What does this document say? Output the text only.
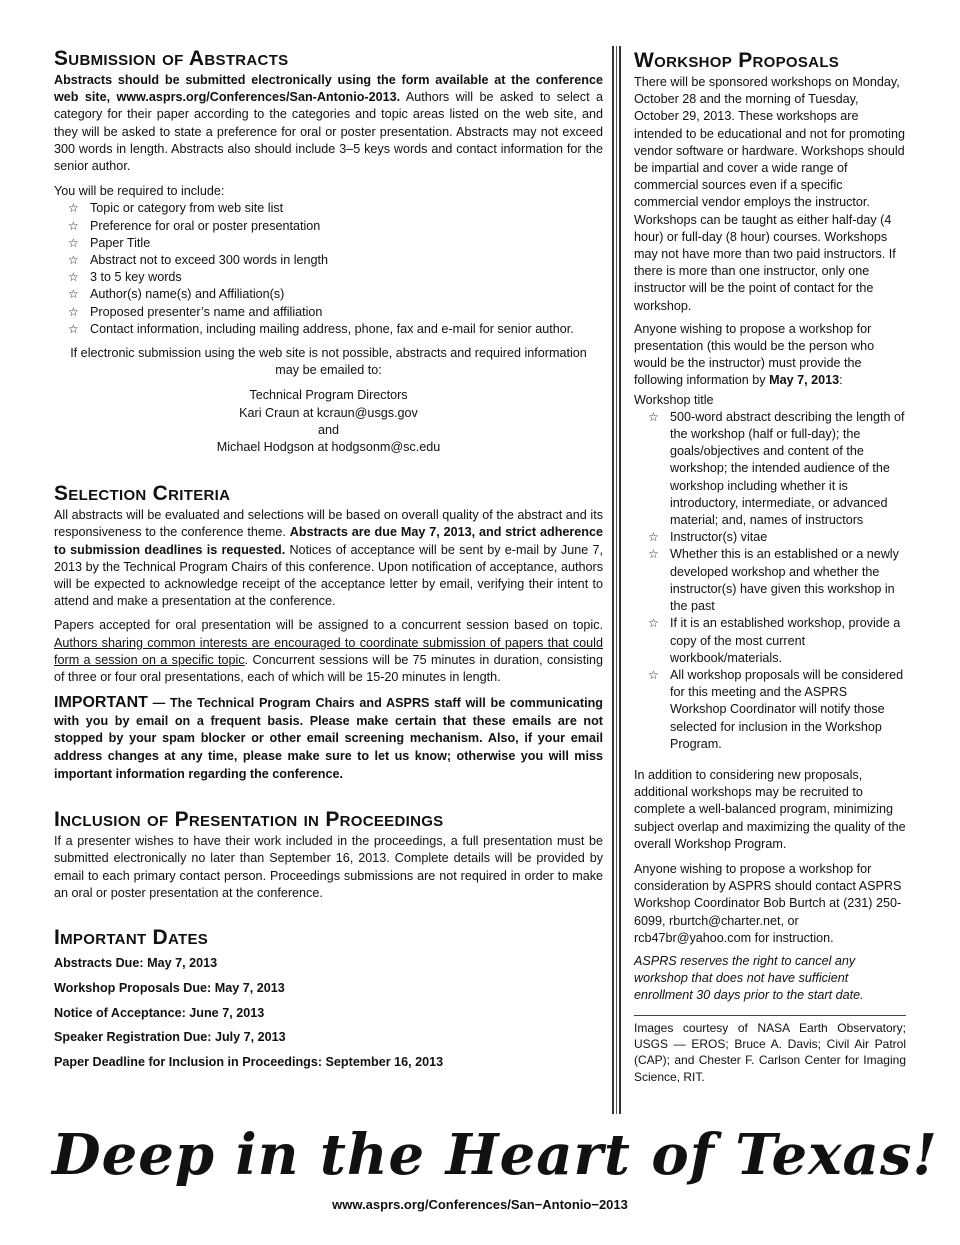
Submission of Abstracts

Abstracts should be submitted electronically using the form available at the conference web site, www.asprs.org/Conferences/San-Antonio-2013. Authors will be asked to select a category for their paper according to the categories and topic areas listed on the web site, and they will be asked to state a preference for oral or poster presentation. Abstracts may not exceed 300 words in length. Abstracts also should include 3–5 keys words and contact information for the senior author.

You will be required to include:

☆ Topic or category from web site list
☆ Preference for oral or poster presentation
☆ Paper Title
☆ Abstract not to exceed 300 words in length
☆ 3 to 5 key words
☆ Author(s) name(s) and Affiliation(s)
☆ Proposed presenter’s name and affiliation
☆ Contact information, including mailing address, phone, fax and e-mail for senior author.

If electronic submission using the web site is not possible, abstracts and required information may be emailed to:

Technical Program Directors
Kari Craun at kcraun@usgs.gov
and
Michael Hodgson at hodgsonm@sc.edu
Selection Criteria

All abstracts will be evaluated and selections will be based on overall quality of the abstract and its responsiveness to the conference theme. Abstracts are due May 7, 2013, and strict adherence to submission deadlines is requested. Notices of acceptance will be sent by e-mail by June 7, 2013 by the Technical Program Chairs of this conference. Upon notification of acceptance, authors will be expected to acknowledge receipt of the acceptance letter by email, verifying their intent to attend and make a presentation at the conference.

Papers accepted for oral presentation will be assigned to a concurrent session based on topic. Authors sharing common interests are encouraged to coordinate submission of papers that could form a session on a specific topic. Concurrent sessions will be 75 minutes in duration, consisting of three or four oral presentations, each of which will be 15-20 minutes in length.

IMPORTANT — The Technical Program Chairs and ASPRS staff will be communicating with you by email on a frequent basis. Please make certain that these emails are not stopped by your spam blocker or other email screening mechanism. Also, if your email address changes at any time, please make sure to let us know; otherwise you will miss important information regarding the conference.

Inclusion of Presentation in Proceedings

If a presenter wishes to have their work included in the proceedings, a full presentation must be submitted electronically no later than September 16, 2013. Complete details will be provided by email to each primary contact person. Proceedings submissions are not required in order to make an oral or poster presentation at the conference.

Important Dates

Abstracts Due: May 7, 2013

Workshop Proposals Due: May 7, 2013

Notice of Acceptance: June 7, 2013

Speaker Registration Due: July 7, 2013

Paper Deadline for Inclusion in Proceedings: September 16, 2013

Workshop Proposals

There will be sponsored workshops on Monday, October 28 and the morning of Tuesday, October 29, 2013. These workshops are intended to be educational and not for promoting vendor software or hardware. Workshops should be impartial and cover a wide range of commercial sources even if a specific commercial vendor employs the instructor. Workshops can be taught as either half-day (4 hour) or full-day (8 hour) courses. Workshops may not have more than two paid instructors. If there is more than one instructor, only one instructor will be the point of contact for the workshop.

Anyone wishing to propose a workshop for presentation (this would be the person who would be the instructor) must provide the following information by May 7, 2013:

Workshop title

☆ 500-word abstract describing the length of the workshop (half or full-day); the goals/objectives and content of the workshop; the intended audience of the workshop including whether it is introductory, intermediate, or advanced material; and, names of instructors
☆ Instructor(s) vitae
☆ Whether this is an established or a newly developed workshop and whether the instructor(s) have given this workshop in the past
☆ If it is an established workshop, provide a copy of the most current workbook/materials.
☆ All workshop proposals will be considered for this meeting and the ASPRS Workshop Coordinator will notify those selected for inclusion in the Workshop Program.

In addition to considering new proposals, additional workshops may be recruited to complete a well-balanced program, minimizing subject overlap and maximizing the quality of the overall Workshop Program.

Anyone wishing to propose a workshop for consideration by ASPRS should contact ASPRS Workshop Coordinator Bob Burtch at (231) 250-6099, rburtch@charter.net, or rcb47br@yahoo.com for instruction.

ASPRS reserves the right to cancel any workshop that does not have sufficient enrollment 30 days prior to the start date.

Images courtesy of NASA Earth Observatory; USGS — EROS; Bruce A. Davis; Civil Air Patrol (CAP); and Chester F. Carlson Center for Imaging Science, RIT.

Deep in the Heart of Texas!
www.asprs.org/Conferences/San−Antonio−2013
